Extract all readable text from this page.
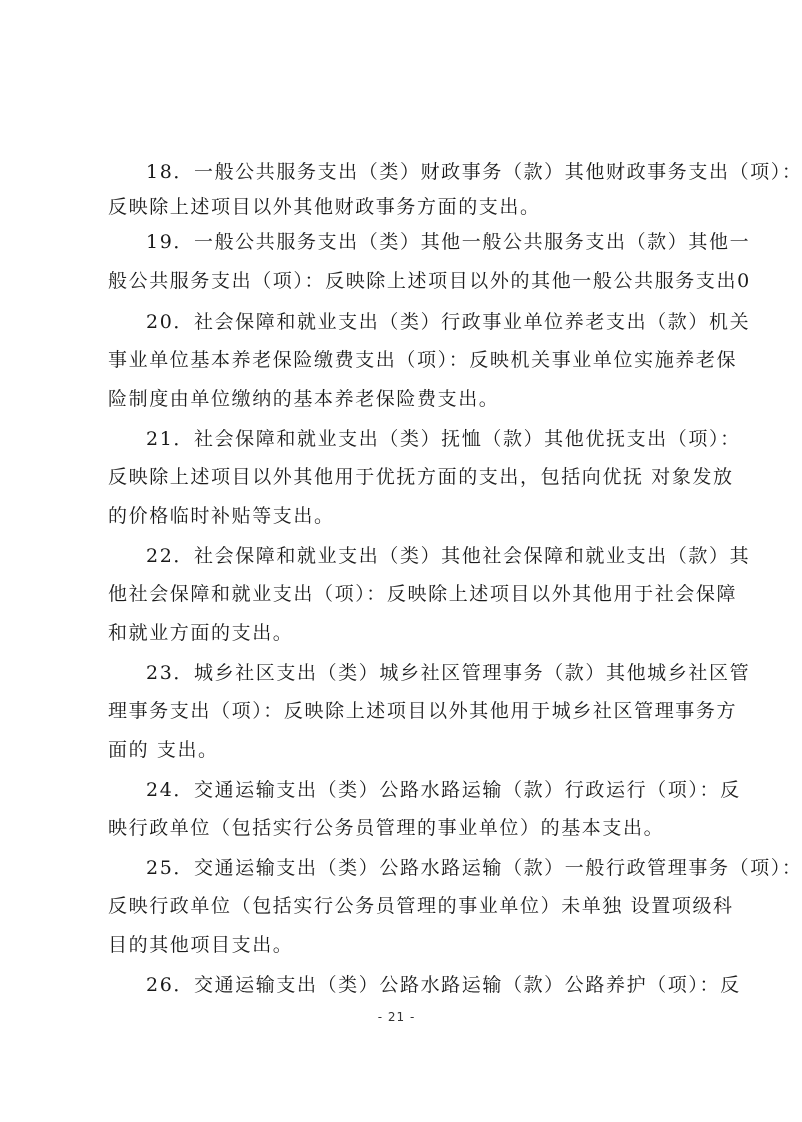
18．一般公共服务支出（类）财政事务（款）其他财政事务支出（项）：
反映除上述项目以外其他财政事务方面的支出。
19．一般公共服务支出（类）其他一般公共服务支出（款）其他一
般公共服务支出（项）：反映除上述项目以外的其他一般公共服务支出0
20．社会保障和就业支出（类）行政事业单位养老支出（款）机关
事业单位基本养老保险缴费支出（项）：反映机关事业单位实施养老保
险制度由单位缴纳的基本养老保险费支出。
21．社会保障和就业支出（类）抚恤（款）其他优抚支出（项）：
反映除上述项目以外其他用于优抚方面的支出，包括向优抚 对象发放
的价格临时补贴等支出。
22．社会保障和就业支出（类）其他社会保障和就业支出（款）其
他社会保障和就业支出（项）：反映除上述项目以外其他用于社会保障
和就业方面的支出。
23．城乡社区支出（类）城乡社区管理事务（款）其他城乡社区管
理事务支出（项）：反映除上述项目以外其他用于城乡社区管理事务方
面的 支出。
24．交通运输支出（类）公路水路运输（款）行政运行（项）：反
映行政单位（包括实行公务员管理的事业单位）的基本支出。
25．交通运输支出（类）公路水路运输（款）一般行政管理事务（项）：
反映行政单位（包括实行公务员管理的事业单位）未单独 设置项级科
目的其他项目支出。
26．交通运输支出（类）公路水路运输（款）公路养护（项）：反
- 21 -
